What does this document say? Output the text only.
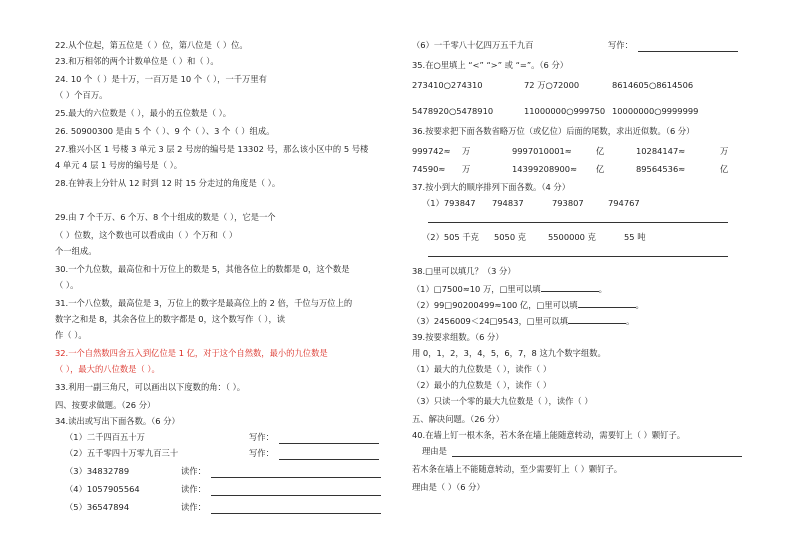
22.从个位起，第五位是（ ）位，第八位是（ ）位。
23.和万相邻的两个计数单位是（ ）和（ ）。
24. 10 个（ ）是十万，一百万是 10 个（ ），一千万里有
（ ）个百万。
25.最大的六位数是（ ），最小的五位数是（ ）。
26. 50900300 是由 5 个（ ）、9 个（ ）、3 个（ ）组成。
27.雅兴小区 1 号楼 3 单元 3 层 2 号房的编号是 13302 号，那么该小区中的 5 号楼
4 单元 4 层 1 号房的编号是（ ）。
28.在钟表上分针从 12 时到 12 时 15 分走过的角度是（ ）。
29.由 7 个千万、6 个万、8 个十组成的数是（ ），它是一个
（ ）位数，这个数也可以看成由（ ）个万和（ ）
个一组成。
30.一个九位数，最高位和十万位上的数是 5，其他各位上的数都是 0，这个数是
（ ）。
31.一个八位数，最高位是 3，万位上的数字是最高位上的 2 倍，千位与万位上的
数字之和是 8，其余各位上的数字都是 0，这个数写作（ ），读
作（ ）。
32.一个自然数四舍五入到亿位是 1 亿，对于这个自然数，最小的九位数是
（ ），最大的八位数是（ ）。
33.利用一副三角尺，可以画出以下度数的角：（ ）。
四、按要求做题。（26 分）
34.读出或写出下面各数。（6 分）
（1）二千四百五十万	写作：
（2）五千零四十万零九百三十	写作：
（3）34832789	读作：
（4）1057905564	读作：
（5）36547894	读作：
（6）一千零八十亿四万五千九百	写作：
35.在○里填上 “<” “>” 或 “=”。（6 分）
273410○274310	72 万○72000	8614605○8614506
5478920○5478910	11000000○999750 10000000○9999999
36.按要求把下面各数省略万位（或亿位）后面的尾数，求出近似数。（6 分）
999742≈ 万	9997010001≈	亿	10284147≈	万
74590≈ 万	14399208900≈ 亿	89564536≈	亿
37.按小到大的顺序排列下面各数。（4 分）
（1）793847 794837	793807	794767
（2）505 千克 5050 克	5500000 克	55 吨
38.□里可以填几？（3 分）
（1）□7500≈10 万，□里可以填	。
（2）99□90200499≈100 亿，□里可以填	。
（3）2456009＜24□9543，□里可以填	。
39.按要求组数。（6 分）
用 0，1，2，3，4，5，6，7，8 这九个数字组数。
（1）最大的九位数是（ ），读作（ ）
（2）最小的九位数是（ ），读作（ ）
（3）只读一个零的最大九位数是（ ），读作（ ）
五、解决问题。（26 分）
40.在墙上钉一根木条，若木条在墙上能随意转动，需要钉上（ ）颗钉子。
理由是
若木条在墙上不能随意转动，至少需要钉上（ ）颗钉子。
理由是（ ）（6 分）
